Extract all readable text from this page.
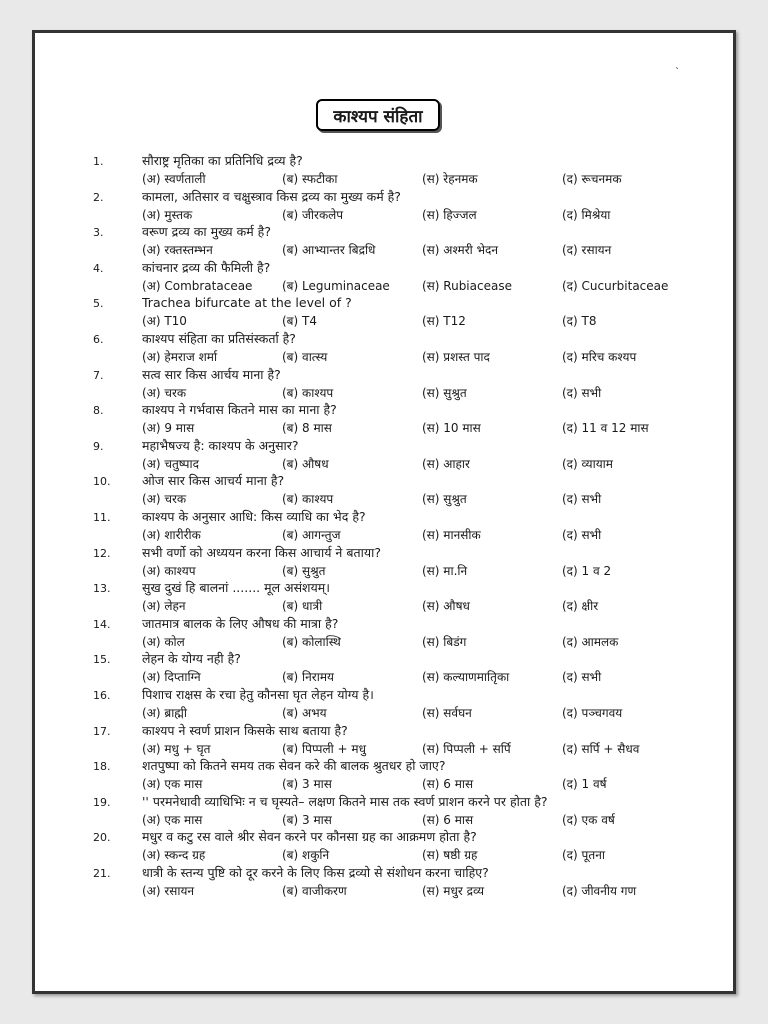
`
काश्यप संहिता
1.	सौराष्ट्र मृतिका का प्रतिनिधि द्रव्य है?
(अ) स्वर्णताली	(ब) स्फटीका	(स) रेहनमक	(द) रूचनमक
2.	कामला, अतिसार व चक्षुस्त्राव किस द्रव्य का मुख्य कर्म है?
(अ) मुस्तक	(ब) जीरकलेप	(स) हिज्जल	(द) मिश्रेया
3.	वरूण द्रव्य का मुख्य कर्म है?
(अ) रक्तस्तम्भन	(ब) आभ्यान्तर बिद्रधि	(स) अश्मरी भेदन	(द) रसायन
4.	कांचनार द्रव्य की फैमिली है?
(अ) Combrataceae (ब) Leguminaceae	(स) Rubiacease	(द) Cucurbitaceae
5.	Trachea bifurcate at the level of ?
(अ) T10	(ब) T4	(स) T12	(द) T8
6.	काश्यप संहिता का प्रतिसंस्कर्ता है?
(अ) हेमराज शर्मा	(ब) वात्स्य	(स) प्रशस्त पाद	(द) मरिच कश्यप
7.	सत्व सार किस आर्चय माना है?
(अ) चरक	(ब) काश्यप	(स) सुश्रुत	(द) सभी
8.	काश्यप ने गर्भवास कितने मास का माना है?
(अ) 9 मास	(ब) 8 मास	(स) 10 मास	(द) 11 व 12 मास
9.	महाभैषज्य है: काश्यप के अनुसार?
(अ) चतुष्पाद	(ब) औषध	(स) आहार	(द) व्यायाम
10.	ओज सार किस आचर्य माना है?
(अ) चरक	(ब) काश्यप	(स) सुश्रुत	(द) सभी
11.	काश्यप के अनुसार आधि: किस व्याधि का भेद है?
(अ) शारीरीक	(ब) आगन्तुज	(स) मानसीक	(द) सभी
12.	सभी वर्णो को अध्ययन करना किस आचार्य ने बताया?
(अ) काश्यप	(ब) सुश्रुत	(स) मा.नि	(द) 1 व 2
13.	सुख दुखं हि बालनां ....... मूल असंशयम्।
(अ) लेहन	(ब) धात्री	(स) औषध	(द) क्षीर
14.	जातमात्र बालक के लिए औषध की मात्रा है?
(अ) कोल	(ब) कोलास्थि	(स) बिडंग	(द) आमलक
15.	लेहन के योग्य नही है?
(अ) दिप्ताग्नि	(ब) निरामय	(स) कल्याणमातृिका	(द) सभी
16.	पिशाच राक्षस के रचा हेतु कौनसा घृत लेहन योग्य है।
(अ) ब्राह्मी	(ब) अभय	(स) सर्वघन	(द) पञ्चगवय
17.	काश्यप ने स्वर्ण प्राशन किसके साथ बताया है?
(अ) मधु + घृत	(ब) पिप्पली + मधु	(स) पिप्पली + सर्पि	(द) सर्पि + सैधव
18.	शतपुष्पा को कितने समय तक सेवन करे की बालक श्रुतधर हो जाए?
(अ) एक मास	(ब) 3 मास	(स) 6 मास	(द) 1 वर्ष
19.	'' परमनेधावी व्याधिभिः न च घृस्यते– लक्षण कितने मास तक स्वर्ण प्राशन करने पर होता है?
(अ) एक मास	(ब) 3 मास	(स) 6 मास	(द) एक वर्ष
20.	मधुर व कटु रस वाले श्रीर सेवन करने पर कौनसा ग्रह का आक्रमण होता है?
(अ) स्कन्द ग्रह	(ब) शकुनि	(स) षष्ठी ग्रह	(द) पूतना
21.	धात्री के स्तन्य पुष्टि को दूर करने के लिए किस द्रव्यो से संशोधन करना चाहिए?
(अ) रसायन	(ब) वाजीकरण	(स) मधुर द्रव्य	(द) जीवनीय गण
